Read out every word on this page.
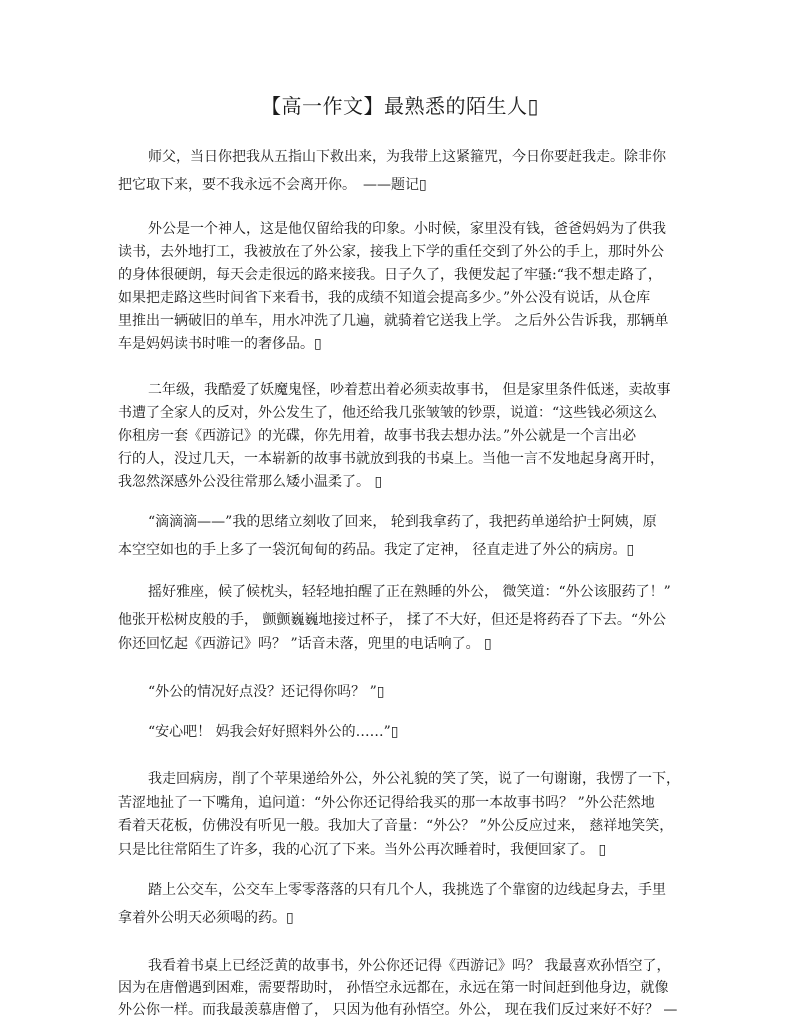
【高一作文】最熟悉的陌生人▯
师父，当日你把我从五指山下救出来，为我带上这紧箍咒，今日你要赶我走。除非你
把它取下来，要不我永远不会离开你。　——题记▯
外公是一个神人，这是他仅留给我的印象。小时候，家里没有钱，爸爸妈妈为了供我
读书，去外地打工，我被放在了外公家，接我上下学的重任交到了外公的手上，那时外公
的身体很硬朗，每天会走很远的路来接我。日子久了，我便发起了牢骚:“我不想走路了，
如果把走路这些时间省下来看书，我的成绩不知道会提高多少。”外公没有说话，从仓库
里推出一辆破旧的单车，用水冲洗了几遍，就骑着它送我上学。 之后外公告诉我，那辆单
车是妈妈读书时唯一的奢侈品。▯
二年级，我酷爱了妖魔鬼怪，吵着惹出着必须卖故事书， 但是家里条件低迷，卖故事
书遭了全家人的反对，外公发生了，他还给我几张皱皱的钞票，说道：“这些钱必须这么
你租房一套《西游记》的光碟，你先用着，故事书我去想办法。”外公就是一个言出必
行的人，没过几天，一本崭新的故事书就放到我的书桌上。当他一言不发地起身离开时，
我忽然深感外公没往常那么矮小温柔了。 ▯
“滴滴滴——”我的思绪立刻收了回来， 轮到我拿药了，我把药单递给护士阿姨，原
本空空如也的手上多了一袋沉甸甸的药品。我定了定神， 径直走进了外公的病房。▯
摇好雅座，候了候枕头，轻轻地拍醒了正在熟睡的外公， 微笑道：“外公该服药了！”
他张开松树皮般的手， 颤颤巍巍地接过杯子， 揉了不大好，但还是将药吞了下去。“外公
你还回忆起《西游记》吗？ ”话音未落，兜里的电话响了。 ▯
“外公的情况好点没？还记得你吗？ ”▯
“安心吧！ 妈我会好好照料外公的……”▯
我走回病房，削了个苹果递给外公，外公礼貌的笑了笑，说了一句谢谢，我愣了一下，
苦涩地扯了一下嘴角，追问道：“外公你还记得给我买的那一本故事书吗？ ”外公茫然地
看着天花板，仿佛没有听见一般。我加大了音量：“外公？ ”外公反应过来， 慈祥地笑笑，
只是比往常陌生了许多，我的心沉了下来。当外公再次睡着时，我便回家了。 ▯
踏上公交车，公交车上零零落落的只有几个人，我挑选了个靠窗的边线起身去，手里
拿着外公明天必须喝的药。▯
我看着书桌上已经泛黄的故事书，外公你还记得《西游记》吗？ 我最喜欢孙悟空了，
因为在唐僧遇到困难，需要帮助时， 孙悟空永远都在，永远在第一时间赶到他身边，就像
外公你一样。而我最羡慕唐僧了， 只因为他有孙悟空。外公， 现在我们反过来好不好？ —
